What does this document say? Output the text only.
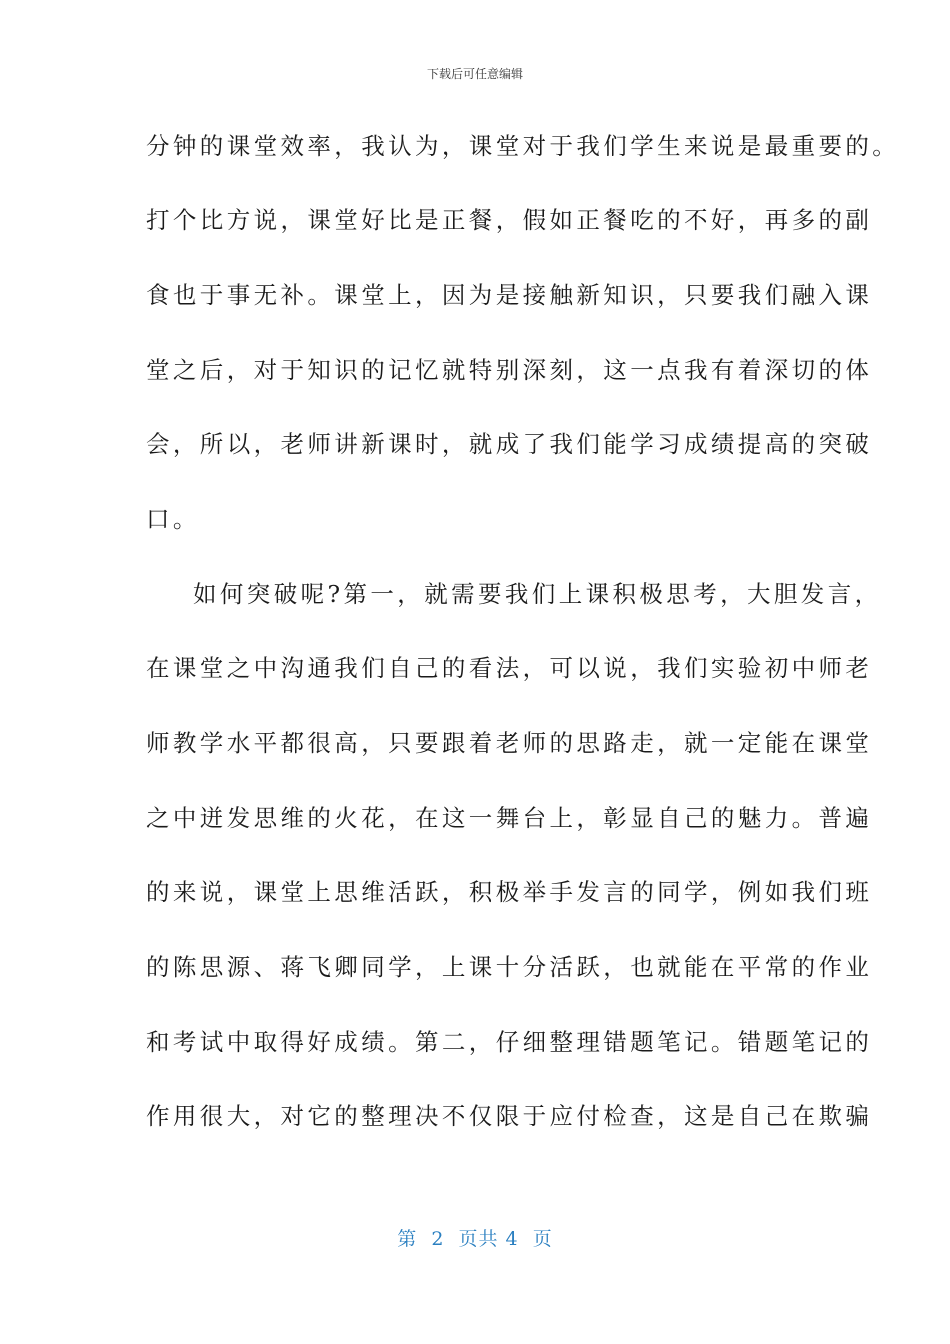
下载后可任意编辑
分钟的课堂效率，我认为，课堂对于我们学生来说是最重要的。
打个比方说，课堂好比是正餐，假如正餐吃的不好，再多的副
食也于事无补。课堂上，因为是接触新知识，只要我们融入课
堂之后，对于知识的记忆就特别深刻，这一点我有着深切的体
会，所以，老师讲新课时，就成了我们能学习成绩提高的突破
口。
如何突破呢?第一，就需要我们上课积极思考，大胆发言，
在课堂之中沟通我们自己的看法，可以说，我们实验初中师老
师教学水平都很高，只要跟着老师的思路走，就一定能在课堂
之中迸发思维的火花，在这一舞台上，彰显自己的魅力。普遍
的来说，课堂上思维活跃，积极举手发言的同学，例如我们班
的陈思源、蒋飞卿同学，上课十分活跃，也就能在平常的作业
和考试中取得好成绩。第二，仔细整理错题笔记。错题笔记的
作用很大，对它的整理决不仅限于应付检查，这是自己在欺骗
第  2  页共 4  页
